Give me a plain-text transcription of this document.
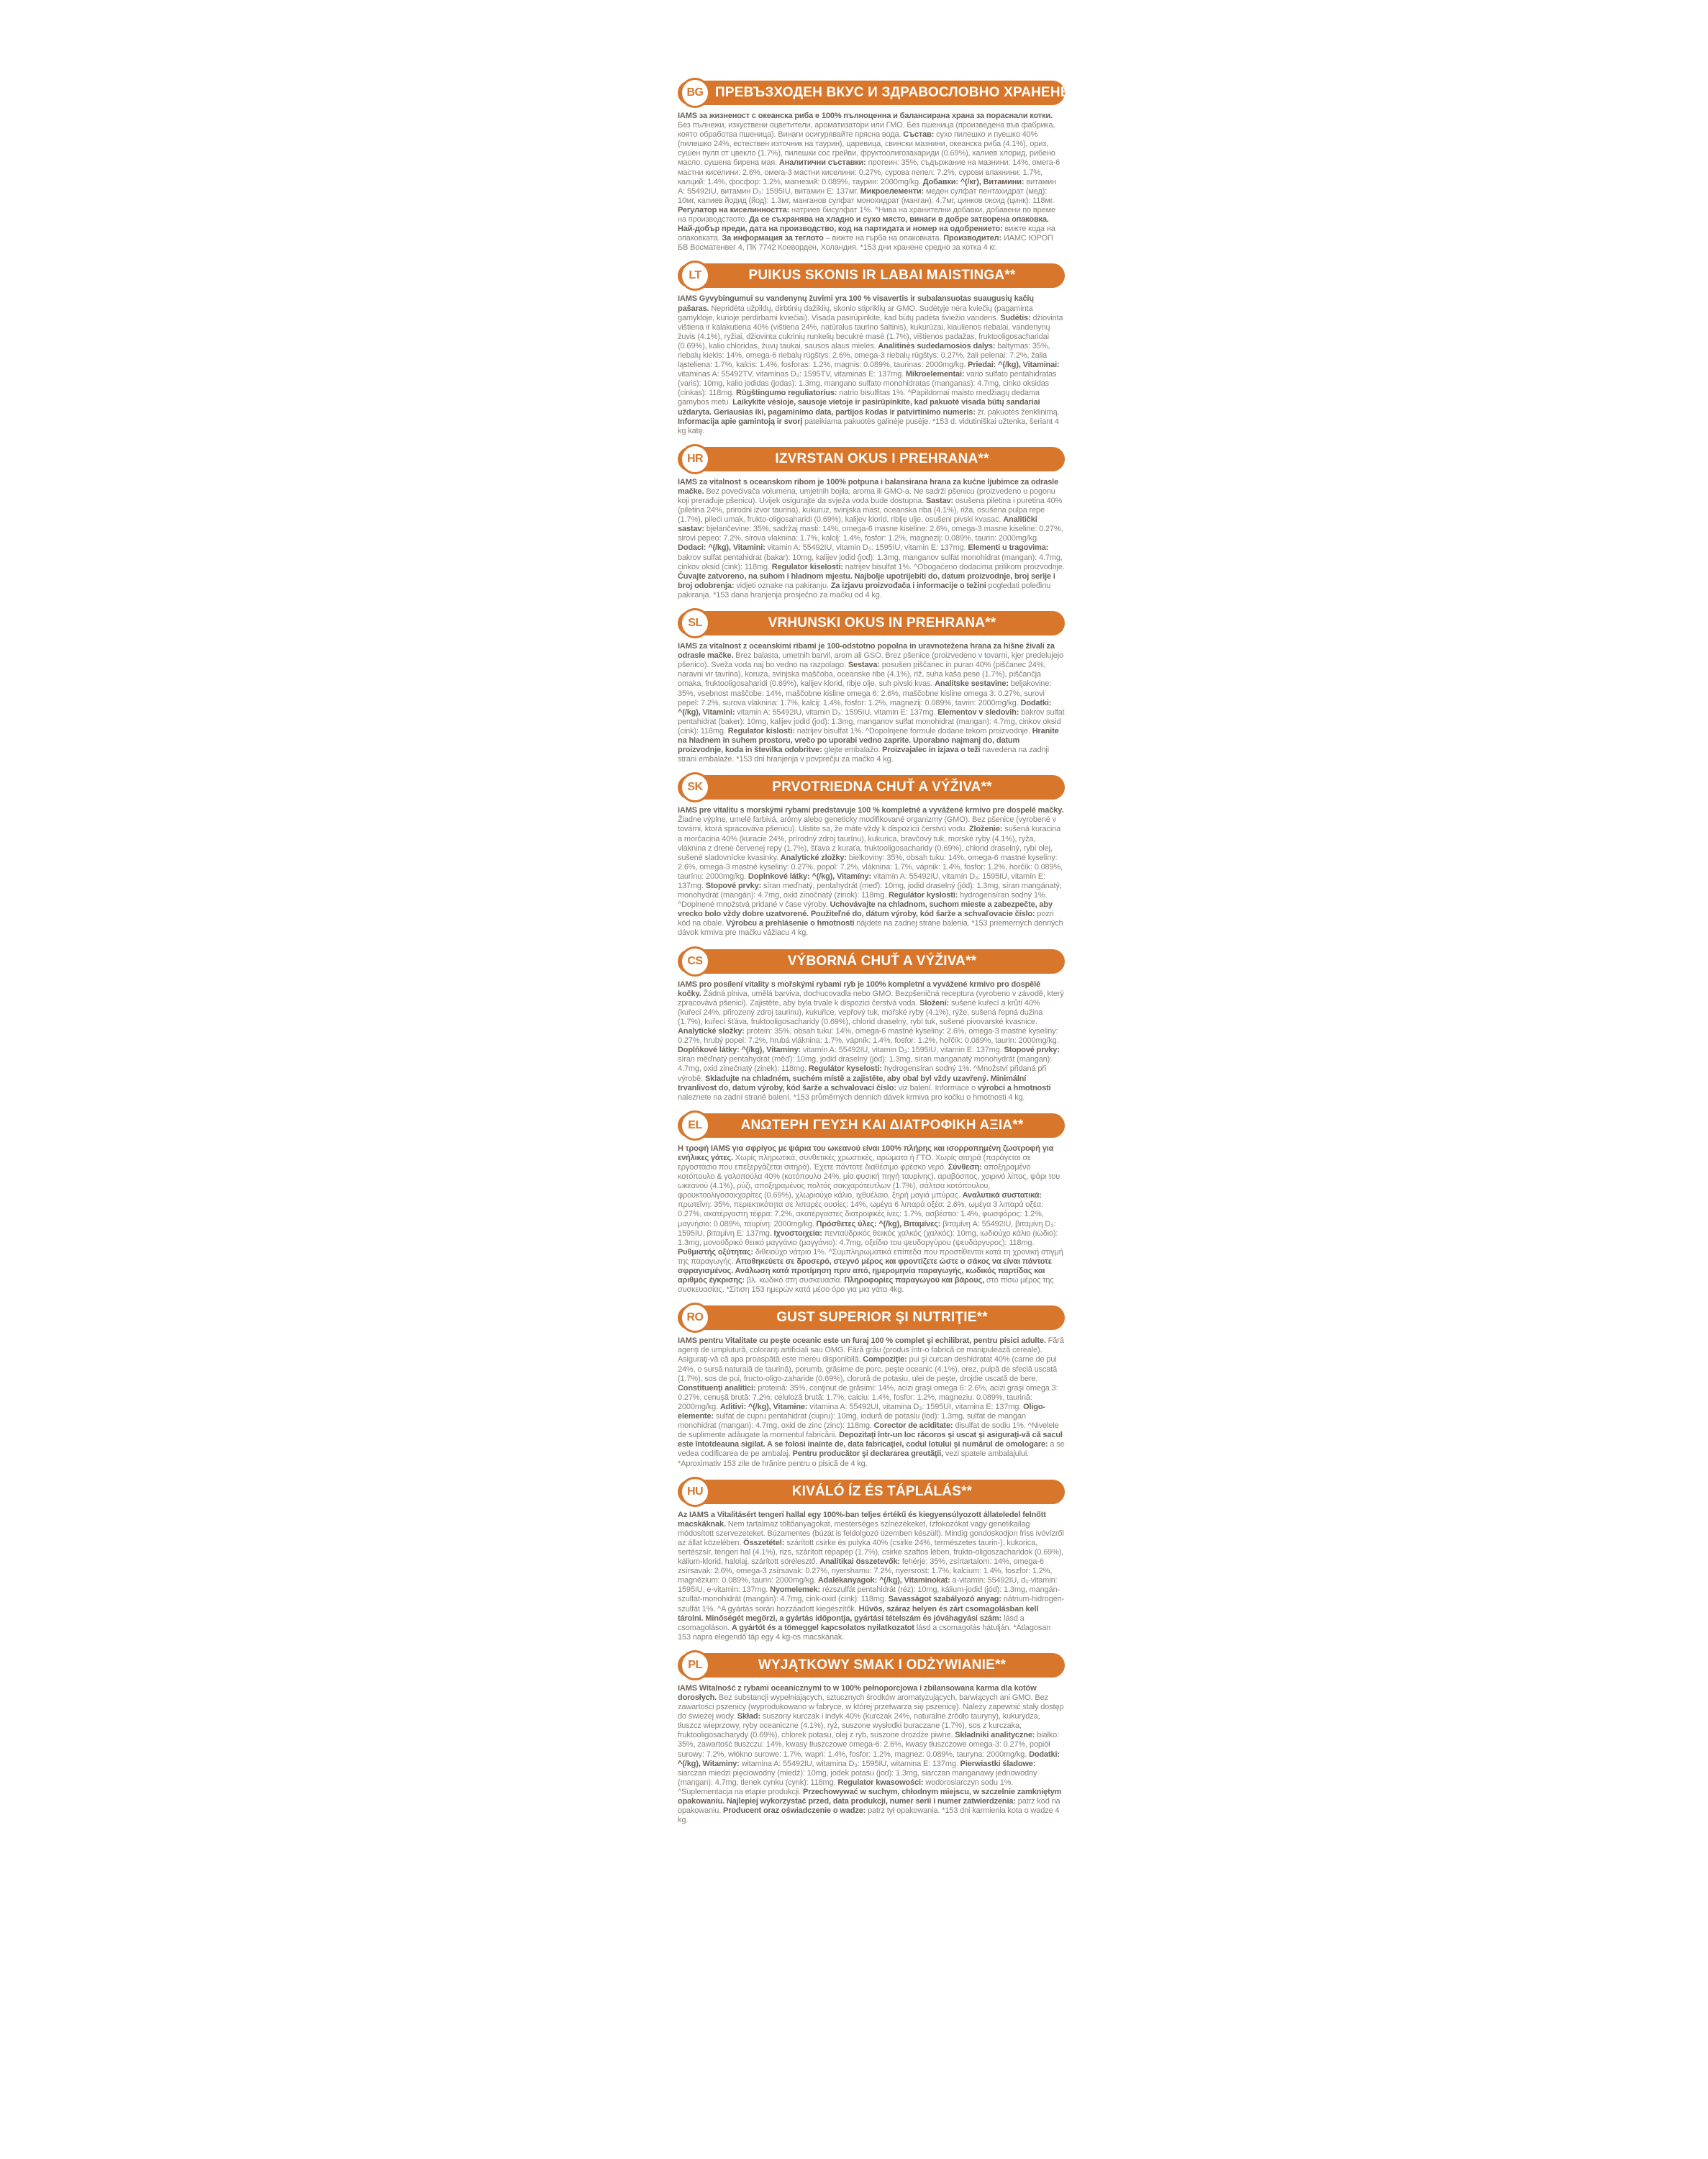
BG ПРЕВЪЗХОДЕН ВКУС И ЗДРАВОСЛОВНО ХРАНЕНЕ**

IAMS за жизненост с океанска риба е 100% пълноценна и балансирана храна за пораснали котки. Без пълнежи, изкуствени оцветители, ароматизатори или ГМО. Без пшеница (произведена във фабрика, която обработва пшеница). Винаги осигурявайте прясна вода. Състав: сухо пилешко и пуешко 40% (пилешко 24%, естествен източник на таурин), царевица, свински мазнини, океанска риба (4.1%), ориз, сушен пулп от цвекло (1.7%), пилешки сос грейви, фруктоолигозахариди (0.69%), калиев хлорид, рибено масло, сушена бирена мая. Аналитични съставки: протеин: 35%, съдържание на мазнини: 14%, омега-6 мастни киселини: 2.6%, омега-3 мастни киселини: 0.27%, сурова пепел: 7.2%, сурови влакнини: 1.7%, калций: 1.4%, фосфор: 1.2%, магнезий: 0.089%, таурин: 2000mg/kg. Добавки: ^(/кг), Витамини: витамин A: 55492IU, витамин D₃: 1595IU, витамин E: 137мг. Микроелементи: меден сулфат пентахидрат (мед): 10мг, калиев йодид (йод): 1.3мг, манганов сулфат монохидрат (манган): 4.7мг, цинков оксид (цинк): 118мг. Регулатор на киселинността: натриев бисулфат 1%. ^Нива на хранителни добавки, добавени по време на производството. Да се съхранява на хладно и сухо място, винаги в добре затворена опаковка. Най-добър преди, дата на производство, код на партидата и номер на одобрението: вижте кода на опаковката. За информация за теглото – вижте на гърба на опаковката. Производител: ИАМС ЮРОП БВ Восматенвег 4, ПК 7742 Коеворден, Холандия. *153 дни хранене средно за котка 4 кг.

LT	PUIKUS SKONIS IR LABAI MAISTINGA**

IAMS Gyvybingumui su vandenynų žuvimi yra 100 % visavertis ir subalansuotas suaugusių kačių pašaras. Nepridėta užpildų, dirbtinių dažiklių, skonio stipriklių ar GMO. Sudėtyje nėra kviečių (pagaminta gamykloje, kurioje perdirbami kviečiai). Visada pasirūpinkite, kad būtų padėta šviežio vandens. Sudėtis: džiovinta vištiena ir kalakutiena 40% (vištiena 24%, natūralus taurino šaltinis), kukurūzai, kiaulienos riebalai, vandenynų žuvis (4.1%), ryžiai, džiovinta cukrinių runkelių becukrė masė (1.7%), vištienos padažas, fruktooligosacharidai (0.69%), kalio chloridas, žuvų taukai, sausos alaus mielės. Analitinės sudedamosios dalys: baltymas: 35%, riebalų kiekis: 14%, omega-6 riebalų rūgštys: 2.6%, omega-3 riebalų rūgštys: 0.27%, žali pelenai: 7.2%, žalia ląsteliena: 1.7%, kalcis: 1.4%, fosforas: 1.2%, magnis: 0.089%, taurinas: 2000mg/kg. Priedai: ^(/kg), Vitaminai: vitaminas A: 55492TV, vitaminas D₃: 1595TV, vitaminas E: 137mg. Mikroelementai: vario sulfato pentahidratas (varis): 10mg, kalio jodidas (jodas): 1.3mg, mangano sulfato monohidratas (manganas): 4.7mg, cinko oksidas (cinkas): 118mg. Rūgštingumo reguliatorius: natrio bisulfitas 1%. ^Papildomai maisto medžiagų dedama gamybos metu. Laikykite vėsioje, sausoje vietoje ir pasirūpinkite, kad pakuotė visada būtų sandariai uždaryta. Geriausias iki, pagaminimo data, partijos kodas ir patvirtinimo numeris: žr. pakuotės ženklinimą. Informacija apie gamintoją ir svorį pateikiama pakuotės galinėje pusėje. *153 d. vidutiniškai užtenka, šeriant 4 kg katę.

HR	IZVRSTAN OKUS I PREHRANA**

IAMS za vitalnost s oceanskom ribom je 100% potpuna i balansirana hrana za kućne ljubimce za odrasle mačke. Bez povećivača volumena, umjetnih bojila, aroma ili GMO-a. Ne sadrži pšenicu (proizvedeno u pogonu koji prerađuje pšenicu). Uvijek osigurajte da svježa voda bude dostupna. Sastav: osušena piletina i puretina 40% (piletina 24%, prirodni izvor taurina), kukuruz, svinjska mast, oceanska riba (4.1%), riža, osušena pulpa repe (1.7%), pileći umak, frukto-oligosaharidi (0.69%), kalijev klorid, riblje ulje, osušeni pivski kvasac. Analitički sastav: bjelančevine: 35%, sadržaj masti: 14%, omega-6 masne kiseline: 2.6%, omega-3 masne kiseline: 0.27%, sirovi pepeo: 7.2%, sirova vlaknina: 1.7%, kalcij: 1.4%, fosfor: 1.2%, magnezij: 0.089%, taurin: 2000mg/kg. Dodaci: ^(/kg), Vitamini: vitamin A: 55492IU, vitamin D₃: 1595IU, vitamin E: 137mg. Elementi u tragovima: bakrov sulfat pentahidrat (bakar): 10mg, kalijev jodid (jod): 1.3mg, manganov sulfat monohidrat (mangan): 4.7mg, cinkov oksid (cink): 118mg. Regulator kiselosti: natrijev bisulfat 1%. ^Obogaćeno dodacima prilikom proizvodnje. Čuvajte zatvoreno, na suhom i hladnom mjestu. Najbolje upotrijebiti do, datum proizvodnje, broj serije i broj odobrenja: vidjeti oznake na pakiranju. Za izjavu proizvođača i informacije o težini pogledati poleđinu pakiranja. *153 dana hranjenja prosječno za mačku od 4 kg.

SL	VRHUNSKI OKUS IN PREHRANA**

IAMS za vitalnost z oceanskimi ribami je 100-odstotno popolna in uravnotežena hrana za hišne živali za odrasle mačke. Brez balasta, umetnih barvil, arom ali GSO. Brez pšenice (proizvedeno v tovarni, kjer predelujejo pšenico). Sveža voda naj bo vedno na razpolago. Sestava: posušen piščanec in puran 40% (piščanec 24%, naravni vir tavrina), koruza, svinjska maščoba, oceanske ribe (4.1%), riž, suha kaša pese (1.7%), piščančja omaka, fruktooligosaharidi (0.69%), kalijev klorid, ribje olje, suh pivski kvas. Analitske sestavine: beljakovine: 35%, vsebnost maščobe: 14%, maščobne kisline omega 6: 2.6%, maščobne kisline omega 3: 0.27%, surovi pepel: 7.2%, surova vlaknina: 1.7%, kalcij: 1.4%, fosfor: 1.2%, magnezij: 0.089%, tavrin: 2000mg/kg. Dodatki: ^(/kg), Vitamini: vitamin A: 55492IU, vitamin D₃: 1595IU, vitamin E: 137mg. Elementov v sledovih: bakrov sulfat pentahidrat (baker): 10mg, kalijev jodid (jod): 1.3mg, manganov sulfat monohidrat (mangan): 4.7mg, cinkov oksid (cink): 118mg. Regulator kislosti: natrijev bisulfat 1%. ^Dopolnjene formule dodane tekom proizvodnje. Hranite na hladnem in suhem prostoru, vrečo po uporabi vedno zaprite. Uporabno najmanj do, datum proizvodnje, koda in številka odobritve: glejte embalažo. Proizvajalec in izjava o teži navedena na zadnji strani embalaže. *153 dni hranjenja v povprečju za mačko 4 kg.

SK	PRVOTRIEDNA CHUŤ A VÝŽIVA**

IAMS pre vitalitu s morskými rybami predstavuje 100 % kompletné a vyvážené krmivo pre dospelé mačky. Žiadne výplne, umelé farbivá, arómy alebo geneticky modifikované organizmy (GMO). Bez pšenice (vyrobené v továrni, ktorá spracováva pšenicu). Uistite sa, že máte vždy k dispozícii čerstvú vodu. Zloženie: sušená kuracina a morčacina 40% (kuracie 24%, prírodný zdroj taurínu), kukurica, bravčový tuk, morské ryby (4.1%), ryža, vláknina z drene červenej repy (1.7%), šťava z kuraťa, fruktooligosacharidy (0.69%), chlorid draselný, rybí olej, sušené sladovnícke kvasinky. Analytické zložky: bielkoviny: 35%, obsah tuku: 14%, omega-6 mastné kyseliny: 2.6%, omega-3 mastné kyseliny: 0.27%, popol: 7.2%, vláknina: 1.7%, vápnik: 1.4%, fosfor: 1.2%, horčík: 0.089%, taurínu: 2000mg/kg. Doplnkové látky: ^(/kg), Vitamíny: vitamín A: 55492IU, vitamín D₃: 1595IU, vitamín E: 137mg. Stopové prvky: síran meďnatý, pentahydrát (meď): 10mg, jodid draselný (jód): 1.3mg, síran mangánatý, monohydrát (mangán): 4.7mg, oxid zinočnatý (zinok): 118mg. Regulátor kyslosti: hydrogensíran sodný 1%. ^Doplnené množstvá pridané v čase výroby. Uchovávajte na chladnom, suchom mieste a zabezpečte, aby vrecko bolo vždy dobre uzatvorené. Použiteľné do, dátum výroby, kód šarže a schvaľovacie číslo: pozri kód na obale. Výrobcu a prehlásenie o hmotnosti nájdete na zadnej strane balenia. *153 priemerných denných dávok krmiva pre mačku vážiacu 4 kg.

CS	VÝBORNÁ CHUŤ A VÝŽIVA**

IAMS pro posílení vitality s mořskými rybami ryb je 100% kompletní a vyvážené krmivo pro dospělé kočky. Žádná plniva, umělá barviva, dochucovadla nebo GMO. Bezpšeničná receptura (vyrobeno v závodě, který zpracovává pšenici). Zajistěte, aby byla trvale k dispozici čerstvá voda. Složení: sušené kuřecí a krůtí 40% (kuřecí 24%, přirozený zdroj taurinu), kukuřice, vepřový tuk, mořské ryby (4.1%), rýže, sušená řepná dužina (1.7%), kuřecí šťáva, fruktooligosacharidy (0.69%), chlorid draselný, rybí tuk, sušené pivovarské kvasnice. Analytické složky: protein: 35%, obsah tuku: 14%, omega-6 mastné kyseliny: 2.6%, omega-3 mastné kyseliny: 0.27%, hrubý popel: 7.2%, hrubá vláknina: 1.7%, vápník: 1.4%, fosfor: 1.2%, hořčík: 0.089%, taurin: 2000mg/kg. Doplňkové látky: ^(/kg), Vitaminy: vitamín A: 55492IU, vitamin D₃: 1595IU, vitamin E: 137mg. Stopové prvky: síran měďnatý pentahydrát (měď): 10mg, jodid draselný (jód): 1.3mg, síran manganatý monohydrát (mangan): 4.7mg, oxid zinečnatý (zinek): 118mg. Regulátor kyselosti: hydrogensíran sodný 1%. ^Množství přidaná při výrobě. Skladujte na chladném, suchém místě a zajistěte, aby obal byl vždy uzavřený. Minimální trvanlivost do, datum výroby, kód šarže a schvalovací číslo: viz balení. Informace o výrobci a hmotnosti naleznete na zadní straně balení. *153 průměrných denních dávek krmiva pro kočku o hmotnosti 4 kg.

EL	ΑΝΩΤΕΡΗ ΓΕΥΣΗ ΚΑΙ ΔΙΑΤΡΟΦΙΚΗ ΑΞΙΑ**

Η τροφή IAMS για σφρίγος με ψάρια του ωκεανού είναι 100% πλήρης και ισορροπημένη ζωοτροφή για ενήλικες γάτες. Χωρίς πληρωτικά, συνθετικές χρωστικές, αρώματα ή ΓΤΟ. Χωρίς σιτηρά (παράγεται σε εργοστάσιο που επεξεργάζεται σιτηρά). Έχετε πάντοτε διαθέσιμο φρέσκο νερό. Σύνθεση: αποξηραμένο κοτόπουλο & γαλοπούλα 40% (κοτόπουλο 24%, μία φυσική πηγή ταυρίνης), αραβόσιτος, χοιρινό λίπος, ψάρι του ωκεανού (4.1%), ρύζι, αποξηραμένος πολτός σακχαρότευτλων (1.7%), σάλτσα κοτόπουλου, φρουκτοολιγοσακχαρίτες (0.69%), χλωριούχο κάλιο, ιχθυέλαιο, ξηρή μαγιά μπύρας. Αναλυτικά συστατικά: πρωτεΐνη: 35%, περιεκτικότητα σε λιπαρές ουσίες: 14%, ωμέγα 6 λιπαρά οξέα: 2.6%, ωμέγα 3 λιπαρά οξέα: 0.27%, ακατέργαστη τέφρα: 7.2%, ακατέργαστες διατροφικές ίνες: 1.7%, ασβέστιο: 1.4%, φωσφόρος: 1.2%, μαγνήσιο: 0.089%, ταυρίνη: 2000mg/kg. Πρόσθετες ύλες: ^(/kg), Βιταμίνες: βιταμίνη A: 55492IU, βιταμίνη D₃: 1595IU, βιταμίνη E: 137mg. Ιχνοστοιχεία: πενταϋδρικός θειικός χαλκός (χαλκός): 10mg, ιωδιούχο κάλιο (ιώδιο): 1.3mg, μονοϋδρικό θειικό μαγγάνιο (μαγγάνιο): 4.7mg, οξείδιο του ψευδαργύρου (ψευδάργυρος): 118mg. Ρυθμιστής οξύτητας: διθειούχο νάτριο 1%. ^Συμπληρωματικά επίπεδα που προστίθενται κατά τη χρονική στιγμή της παραγωγής. Αποθηκεύετε σε δροσερό, στεγνό μέρος και φροντίζετε ώστε ο σάκος να είναι πάντοτε σφραγισμένος. Ανάλωση κατά προτίμηση πριν από, ημερομηνία παραγωγής, κωδικός παρτίδας και αριθμός έγκρισης: βλ. κωδικό στη συσκευασία. Πληροφορίες παραγωγού και βάρους, στο πίσω μέρος της συσκευασίας. *Σίτιση 153 ημερών κατά μέσο όρο για μια γάτα 4kg.

RO	GUST SUPERIOR ŞI NUTRIŢIE**

IAMS pentru Vitalitate cu peşte oceanic este un furaj 100 % complet şi echilibrat, pentru pisici adulte. Fără agenţi de umplutură, coloranţi artificiali sau OMG. Fără grâu (produs într-o fabrică ce manipulează cereale). Asiguraţi-vă că apa proaspătă este mereu disponibilă. Compoziţie: pui şi curcan deshidratat 40% (carne de pui 24%, o sursă naturală de taurină), porumb, grăsime de porc, peşte oceanic (4.1%), orez, pulpă de sfeclă uscată (1.7%), sos de pui, fructo-oligo-zaharide (0.69%), clorură de potasiu, ulei de peşte, drojdie uscată de bere. Constituenţi analitici: proteină: 35%, conţinut de grăsimi: 14%, acizi graşi omega 6: 2.6%, acizi graşi omega 3: 0.27%, cenuşă brută: 7.2%, celuloză brută: 1.7%, calciu: 1.4%, fosfor: 1.2%, magneziu: 0.089%, taurină: 2000mg/kg. Aditivi: ^(/kg), Vitamine: vitamina A: 55492UI, vitamina D₃: 1595UI, vitamina E: 137mg. Oligo-elemente: sulfat de cupru pentahidrat (cupru): 10mg, iodură de potasiu (iod): 1.3mg, sulfat de mangan monohidrat (mangan): 4.7mg, oxid de zinc (zinc): 118mg. Corector de aciditate: disulfat de sodiu 1%. ^Nivelele de suplimente adăugate la momentul fabricării. Depozitaţi într-un loc răcoros şi uscat şi asiguraţi-vă că sacul este întotdeauna sigilat. A se folosi inainte de, data fabricaţiei, codul lotului şi numărul de omologare: a se vedea codificarea de pe ambalaj. Pentru producător şi declararea greutăţii, vezi spatele ambalajului. *Aproximativ 153 zile de hrănire pentru o pisică de 4 kg.

HU	KIVÁLÓ ÍZ ÉS TÁPLÁLÁS**

Az IAMS a Vitalitásért tengeri hallal egy 100%-ban teljes értékű és kiegyensúlyozott állateledel felnőtt macskáknak. Nem tartalmaz töltőanyagokat, mesterséges színezékeket, ízfokozókat vagy genetikailag módosított szervezeteket. Búzamentes (búzát is feldolgozó üzemben készült). Mindig gondoskodjon friss ivóvízről az állat közelében. Összetétel: szárított csirke és pulyka 40% (csirke 24%, természetes taurin-), kukorica, sertészsír, tengeri hal (4.1%), rizs, szárított répapép (1.7%), csirke szaftos lében, frukto-oligoszacharidok (0.69%), kálium-klorid, halolaj, szárított sörélesztő. Analitikai összetevők: fehérje: 35%, zsírtartalom: 14%, omega-6 zsírsavak: 2.6%, omega-3 zsírsavak: 0.27%, nyershamu: 7.2%, nyersrost: 1.7%, kalcium: 1.4%, foszfor: 1.2%, magnézium: 0.089%, taurin: 2000mg/kg. Adalékanyagok: ^(/kg), Vitaminokat: a-vitamin: 55492IU, d₃-vitamin: 1595IU, e-vitamin: 137mg. Nyomelemek: rézszulfát pentahidrát (réz): 10mg, kálium-jodid (jód): 1.3mg, mangán-szulfát-monohidrát (mangán): 4.7mg, cink-oxid (cink): 118mg. Savasságot szabályozó anyag: nátrium-hidrogén-szulfát 1%. ^A gyártás során hozzáadott kiegészítők. Hűvös, száraz helyen és zárt csomagolásban kell tárolni. Minőségét megőrzi, a gyártás időpontja, gyártási tételszám és jóváhagyási szám: lásd a csomagoláson. A gyártót és a tömeggel kapcsolatos nyilatkozatot lásd a csomagolás hátulján. *Átlagosan 153 napra elegendő táp egy 4 kg-os macskának.

PL	WYJĄTKOWY SMAK I ODŻYWIANIE**

IAMS Witalność z rybami oceanicznymi to w 100% pełnoporcjowa i zbilansowana karma dla kotów dorosłych. Bez substancji wypełniających, sztucznych środków aromatyzujących, barwiących ani GMO. Bez zawartości pszenicy (wyprodukowano w fabryce, w której przetwarza się pszenicę). Należy zapewnić stały dostęp do świeżej wody. Skład: suszony kurczak i indyk 40% (kurczak 24%, naturalne źródło tauryny), kukurydza, tłuszcz wieprzowy, ryby oceaniczne (4.1%), ryż, suszone wysłodki buraczane (1.7%), sos z kurczaka, fruktooligosacharydy (0.69%), chlorek potasu, olej z ryb, suszone drożdże piwne. Składniki analityczne: białko: 35%, zawartość tłuszczu: 14%, kwasy tłuszczowe omega-6: 2.6%, kwasy tłuszczowe omega-3: 0.27%, popiół surowy: 7.2%, włókno surowe: 1.7%, wapń: 1.4%, fosfor: 1.2%, magnez: 0.089%, tauryna: 2000mg/kg. Dodatki: ^(/kg), Witaminy: witamina A: 55492IU, witamina D₃: 1595IU, witamina E: 137mg. Pierwiastki śladowe: siarczan miedzi pięciowodny (miedź): 10mg, jodek potasu (jod): 1.3mg, siarczan manganawy jednowodny (mangan): 4.7mg, tlenek cynku (cynk): 118mg. Regulator kwasowości: wodorosiarczyn sodu 1%. ^Suplementacja na etapie produkcji. Przechowywać w suchym, chłodnym miejscu, w szczelnie zamkniętym opakowaniu. Najlepiej wykorzystać przed, data produkcji, numer serii i numer zatwierdzenia: patrz kod na opakowaniu. Producent oraz oświadczenie o wadze: patrz tył opakowania. *153 dni karmienia kota o wadze 4 kg.
